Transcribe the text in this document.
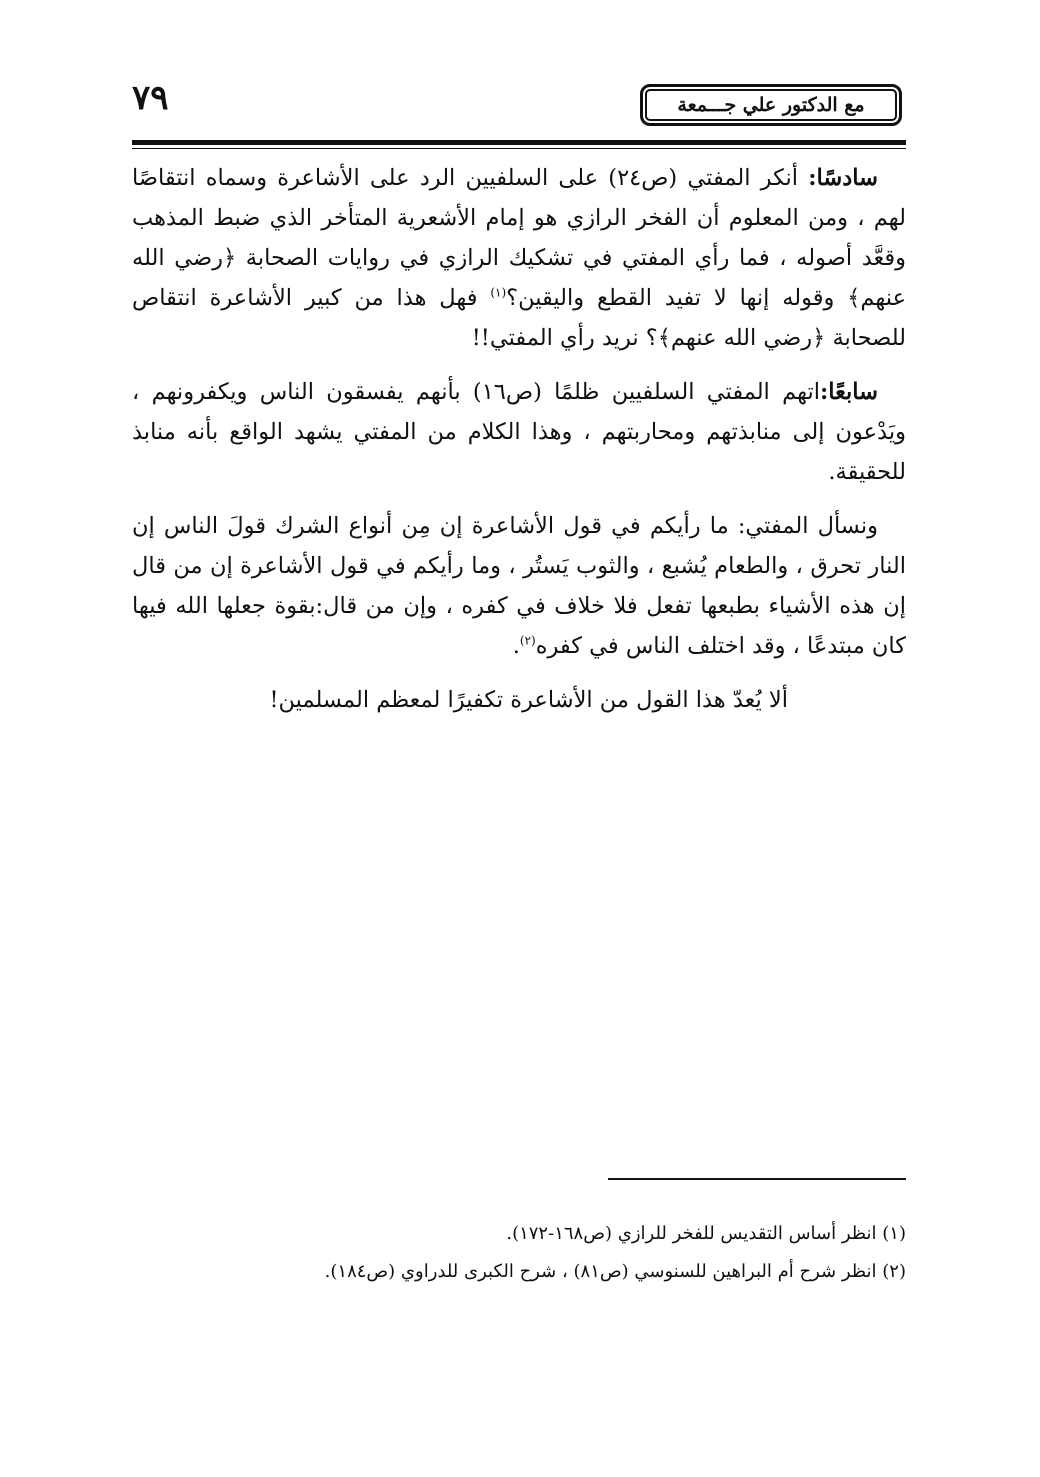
٧٩	مع الدكتور علي جـــمعة

سادسًا: أنكر المفتي (ص٢٤) على السلفيين الرد على الأشاعرة وسماه انتقاصًا لهم ، ومن المعلوم أن الفخر الرازي هو إمام الأشعرية المتأخر الذي ضبط المذهب وقعَّد أصوله ، فما رأي المفتي في تشكيك الرازي في روايات الصحابة ﴿رضي الله عنهم﴾ وقوله إنها لا تفيد القطع واليقين؟$^{(١)}$ فهل هذا من كبير الأشاعرة انتقاص للصحابة ﴿رضي الله عنهم﴾؟ نريد رأي المفتي!!

سابعًا:اتهم المفتي السلفيين ظلمًا (ص١٦) بأنهم يفسقون الناس ويكفرونهم ، ويَدْعون إلى منابذتهم ومحاربتهم ، وهذا الكلام من المفتي يشهد الواقع بأنه منابذ للحقيقة.

ونسأل المفتي: ما رأيكم في قول الأشاعرة إن مِن أنواع الشرك قولَ الناس إن النار تحرق ، والطعام يُشبع ، والثوب يَستُر ، وما رأيكم في قول الأشاعرة إن من قال إن هذه الأشياء بطبعها تفعل فلا خلاف في كفره ، وإن من قال:بقوة جعلها الله فيها كان مبتدعًا ، وقد اختلف الناس في كفره$^{(٢)}$.

ألا يُعدّ هذا القول من الأشاعرة تكفيرًا لمعظم المسلمين!

(١) انظر أساس التقديس للفخر للرازي (ص١٦٨-١٧٢).
(٢) انظر شرح أم البراهين للسنوسي (ص٨١) ، شرح الكبرى للدراوي (ص١٨٤).
